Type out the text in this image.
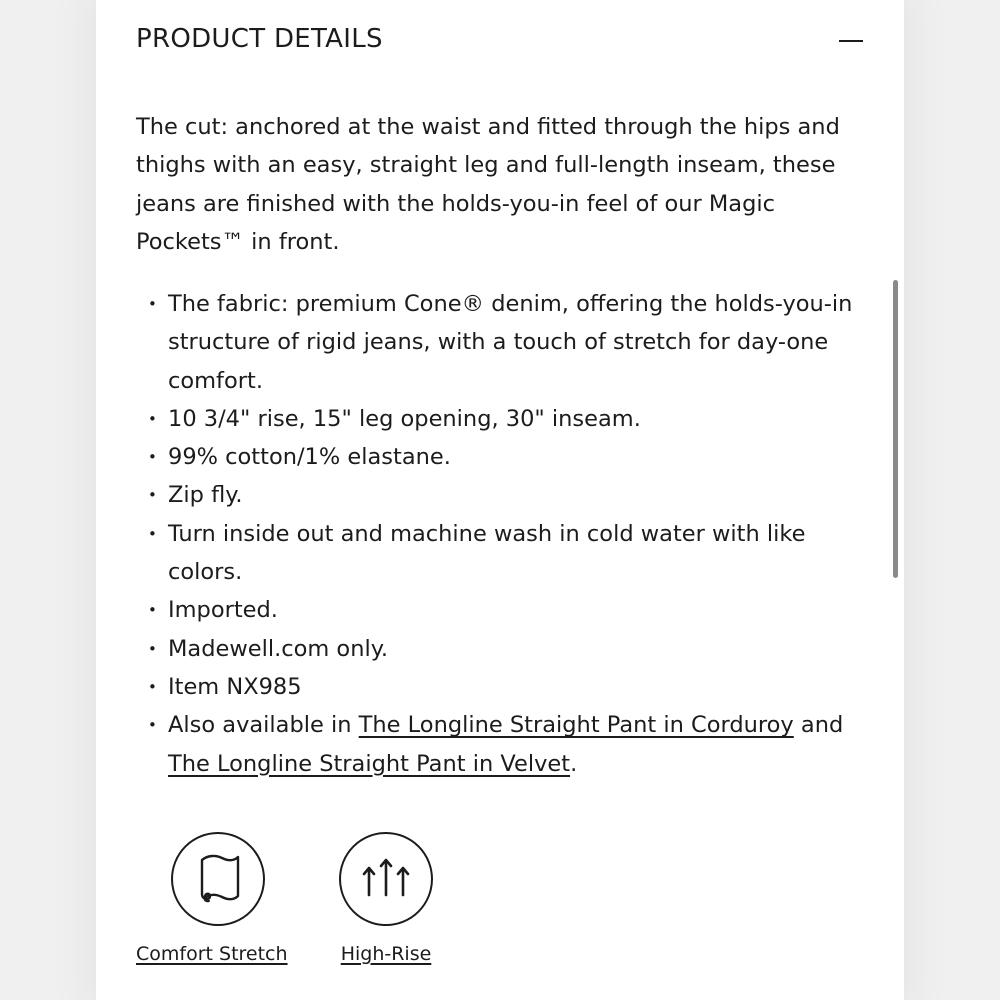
PRODUCT DETAILS

The cut: anchored at the waist and fitted through the hips and thighs with an easy, straight leg and full-length inseam, these jeans are finished with the holds-you-in feel of our Magic Pockets™ in front.

• The fabric: premium Cone® denim, offering the holds-you-in structure of rigid jeans, with a touch of stretch for day-one comfort.
• 10 3/4" rise, 15" leg opening, 30" inseam.
• 99% cotton/1% elastane.
• Zip fly.
• Turn inside out and machine wash in cold water with like colors.
• Imported.
• Madewell.com only.
• Item NX985
• Also available in The Longline Straight Pant in Corduroy and The Longline Straight Pant in Velvet.
Comfort Stretch	High-Rise
